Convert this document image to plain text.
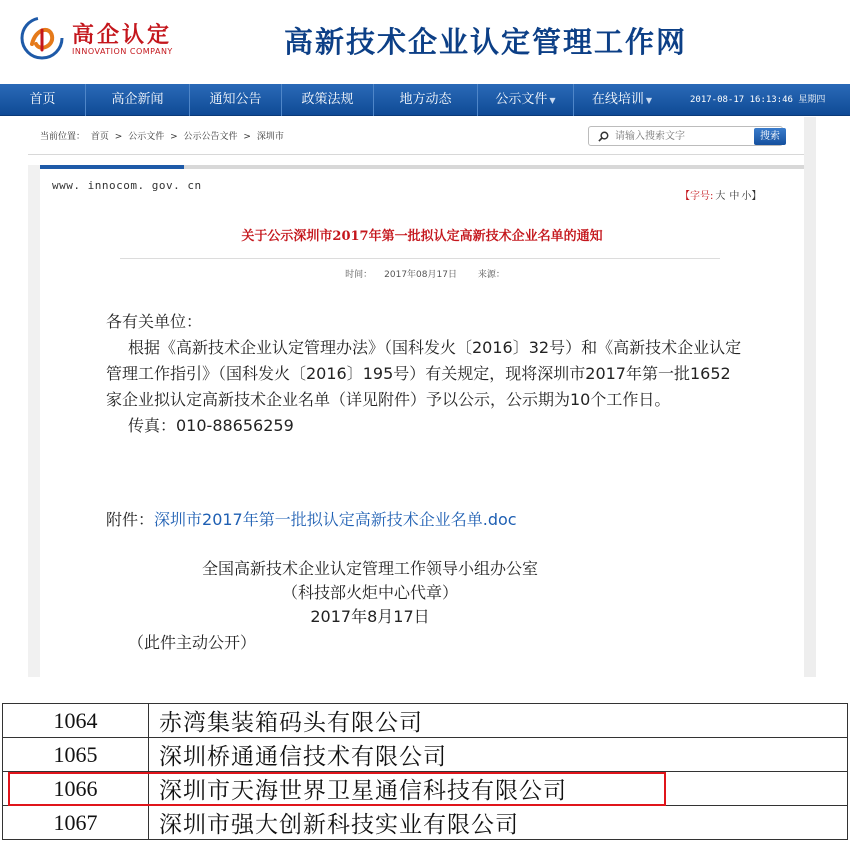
高企认定
INNOVATION COMPANY	高新技术企业认定管理工作网
首页	高企新闻	通知公告	政策法规	地方动态	公示文件 ▼	在线培训 ▼	2017-08-17 16:13:46 星期四
当前位置： 首页 > 公示文件 > 公示公告文件 > 深圳市
请输入搜索文字	搜索
www. innocom. gov. cn
【字号: 大 中 小】
关于公示深圳市2017年第一批拟认定高新技术企业名单的通知
时间： 2017年08月17日 来源：

各有关单位：

根据《高新技术企业认定管理办法》（国科发火〔2016〕32号）和《高新技术企业认定管理工作指引》（国科发火〔2016〕195号）有关规定，现将深圳市2017年第一批1652家企业拟认定高新技术企业名单（详见附件）予以公示，公示期为10个工作日。

传真：010-88656259

附件：深圳市2017年第一批拟认定高新技术企业名单.doc
全国高新技术企业认定管理工作领导小组办公室
（科技部火炬中心代章）
2017年8月17日
（此件主动公开）
1064	赤湾集装箱码头有限公司
1065	深圳桥通通信技术有限公司
1066	深圳市天海世界卫星通信科技有限公司
1067	深圳市强大创新科技实业有限公司
